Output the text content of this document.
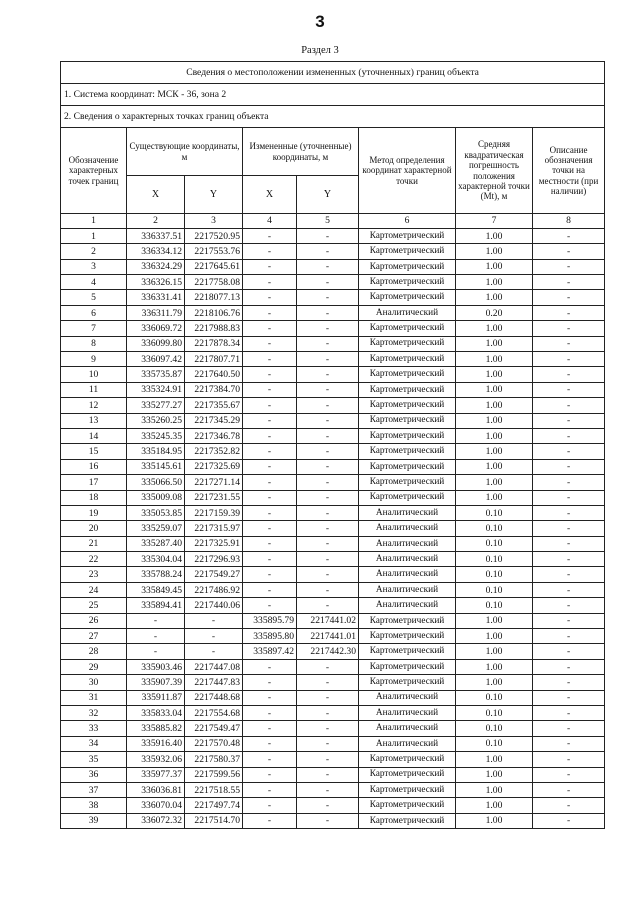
3
Раздел 3
Сведения о местоположении измененных (уточненных) границ объекта							
1. Система координат: МСК - 36, зона 2							
2. Сведения о характерных точках границ объекта							
Обозначение характерных точек границ	Существующие координаты, м		Измененные (уточненные) координаты, м		Метод определения координат характерной точки	Средняя квадратическая погрешность положения характерной точки (Mt), м	Описание обозначения точки на местности (при наличии)
	X	Y	X	Y			
1	2	3	4	5	6	7	8
1	336337.51	2217520.95	-	-	Картометрический	1.00	-
2	336334.12	2217553.76	-	-	Картометрический	1.00	-
3	336324.29	2217645.61	-	-	Картометрический	1.00	-
4	336326.15	2217758.08	-	-	Картометрический	1.00	-
5	336331.41	2218077.13	-	-	Картометрический	1.00	-
6	336311.79	2218106.76	-	-	Аналитический	0.20	-
7	336069.72	2217988.83	-	-	Картометрический	1.00	-
8	336099.80	2217878.34	-	-	Картометрический	1.00	-
9	336097.42	2217807.71	-	-	Картометрический	1.00	-
10	335735.87	2217640.50	-	-	Картометрический	1.00	-
11	335324.91	2217384.70	-	-	Картометрический	1.00	-
12	335277.27	2217355.67	-	-	Картометрический	1.00	-
13	335260.25	2217345.29	-	-	Картометрический	1.00	-
14	335245.35	2217346.78	-	-	Картометрический	1.00	-
15	335184.95	2217352.82	-	-	Картометрический	1.00	-
16	335145.61	2217325.69	-	-	Картометрический	1.00	-
17	335066.50	2217271.14	-	-	Картометрический	1.00	-
18	335009.08	2217231.55	-	-	Картометрический	1.00	-
19	335053.85	2217159.39	-	-	Аналитический	0.10	-
20	335259.07	2217315.97	-	-	Аналитический	0.10	-
21	335287.40	2217325.91	-	-	Аналитический	0.10	-
22	335304.04	2217296.93	-	-	Аналитический	0.10	-
23	335788.24	2217549.27	-	-	Аналитический	0.10	-
24	335849.45	2217486.92	-	-	Аналитический	0.10	-
25	335894.41	2217440.06	-	-	Аналитический	0.10	-
26	-	-	335895.79	2217441.02	Картометрический	1.00	-
27	-	-	335895.80	2217441.01	Картометрический	1.00	-
28	-	-	335897.42	2217442.30	Картометрический	1.00	-
29	335903.46	2217447.08	-	-	Картометрический	1.00	-
30	335907.39	2217447.83	-	-	Картометрический	1.00	-
31	335911.87	2217448.68	-	-	Аналитический	0.10	-
32	335833.04	2217554.68	-	-	Аналитический	0.10	-
33	335885.82	2217549.47	-	-	Аналитический	0.10	-
34	335916.40	2217570.48	-	-	Аналитический	0.10	-
35	335932.06	2217580.37	-	-	Картометрический	1.00	-
36	335977.37	2217599.56	-	-	Картометрический	1.00	-
37	336036.81	2217518.55	-	-	Картометрический	1.00	-
38	336070.04	2217497.74	-	-	Картометрический	1.00	-
39	336072.32	2217514.70	-	-	Картометрический	1.00	-
